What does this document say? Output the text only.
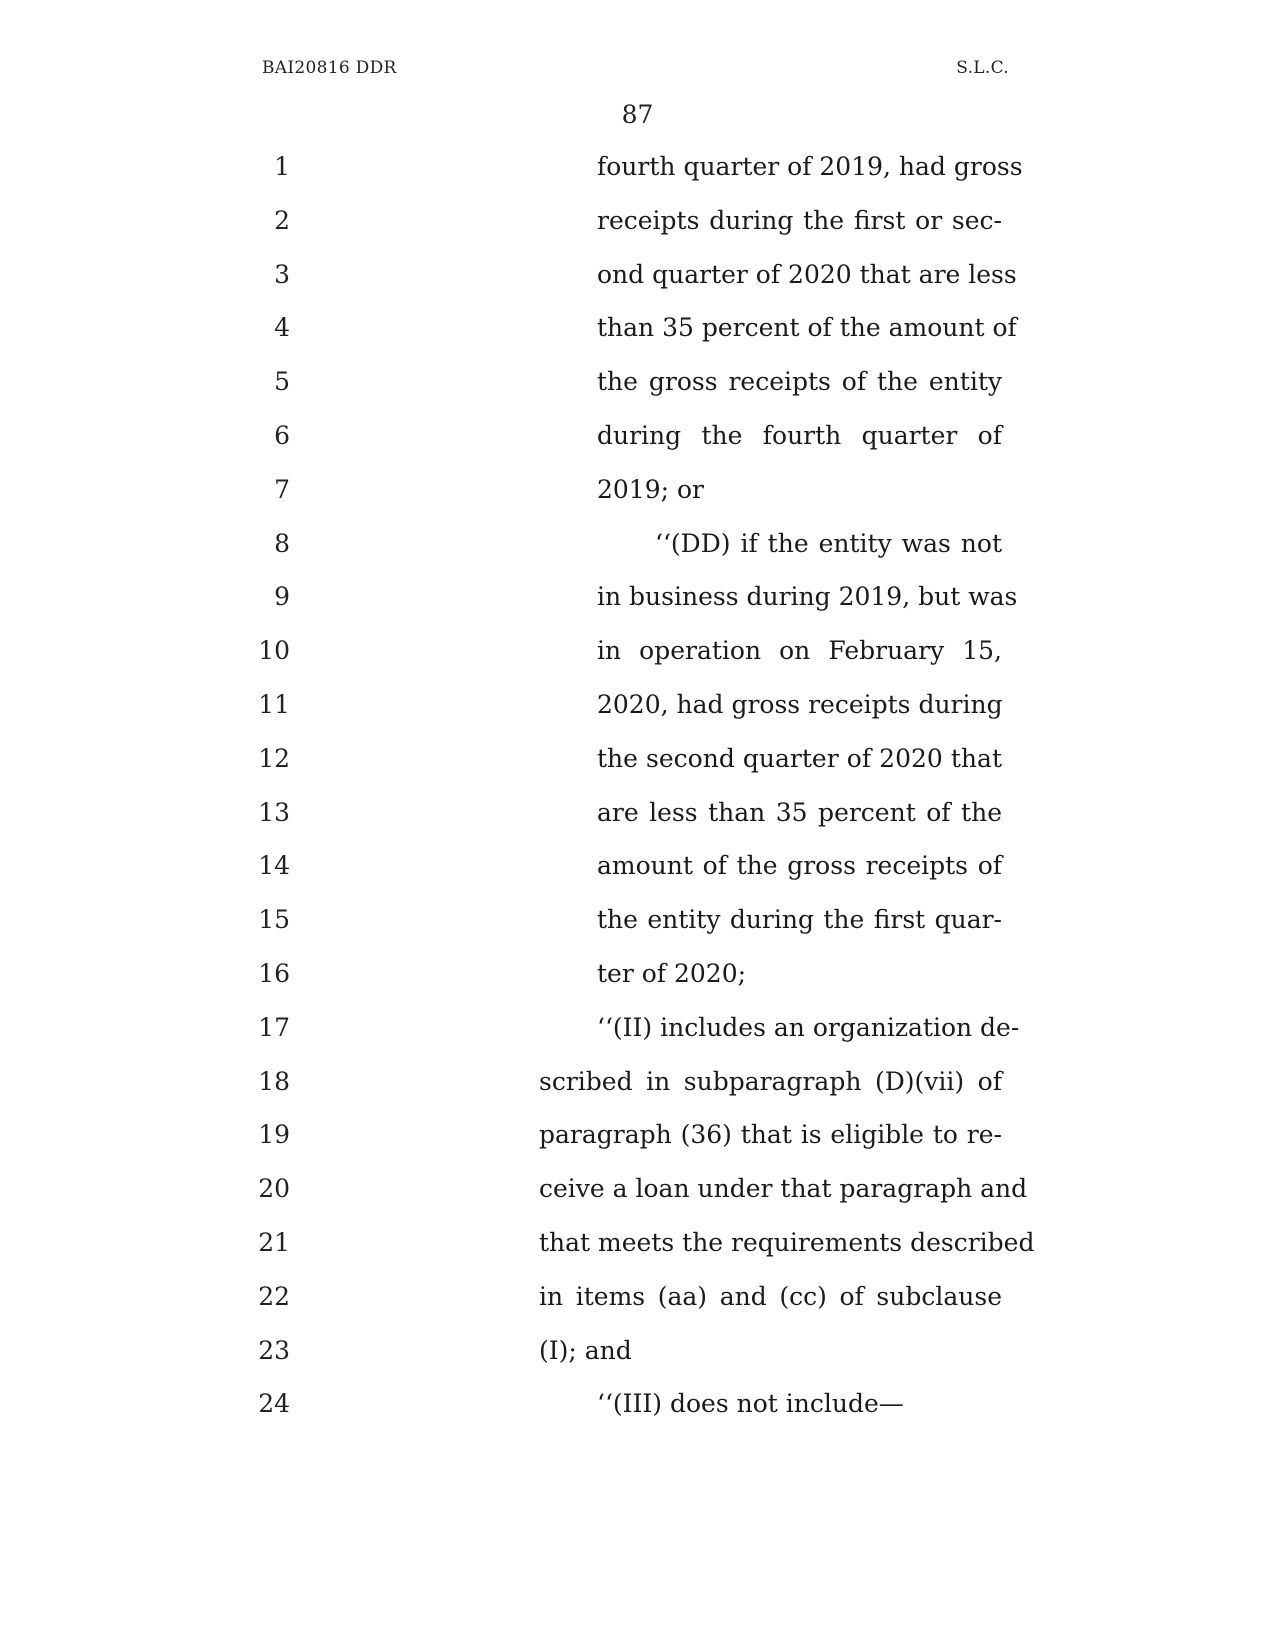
BAI20816 DDR	S.L.C.

87

1	fourth quarter of 2019, had gross
2	receipts during the first or sec-
3	ond quarter of 2020 that are less
4	than 35 percent of the amount of
5	the gross receipts of the entity
6	during the fourth quarter of
7	2019; or
8	‘‘(DD) if the entity was not
9	in business during 2019, but was
10	in operation on February 15,
11	2020, had gross receipts during
12	the second quarter of 2020 that
13	are less than 35 percent of the
14	amount of the gross receipts of
15	the entity during the first quar-
16	ter of 2020;
17	‘‘(II) includes an organization de-
18	scribed in subparagraph (D)(vii) of
19	paragraph (36) that is eligible to re-
20	ceive a loan under that paragraph and
21	that meets the requirements described
22	in items (aa) and (cc) of subclause
23	(I); and
24	‘‘(III) does not include—
